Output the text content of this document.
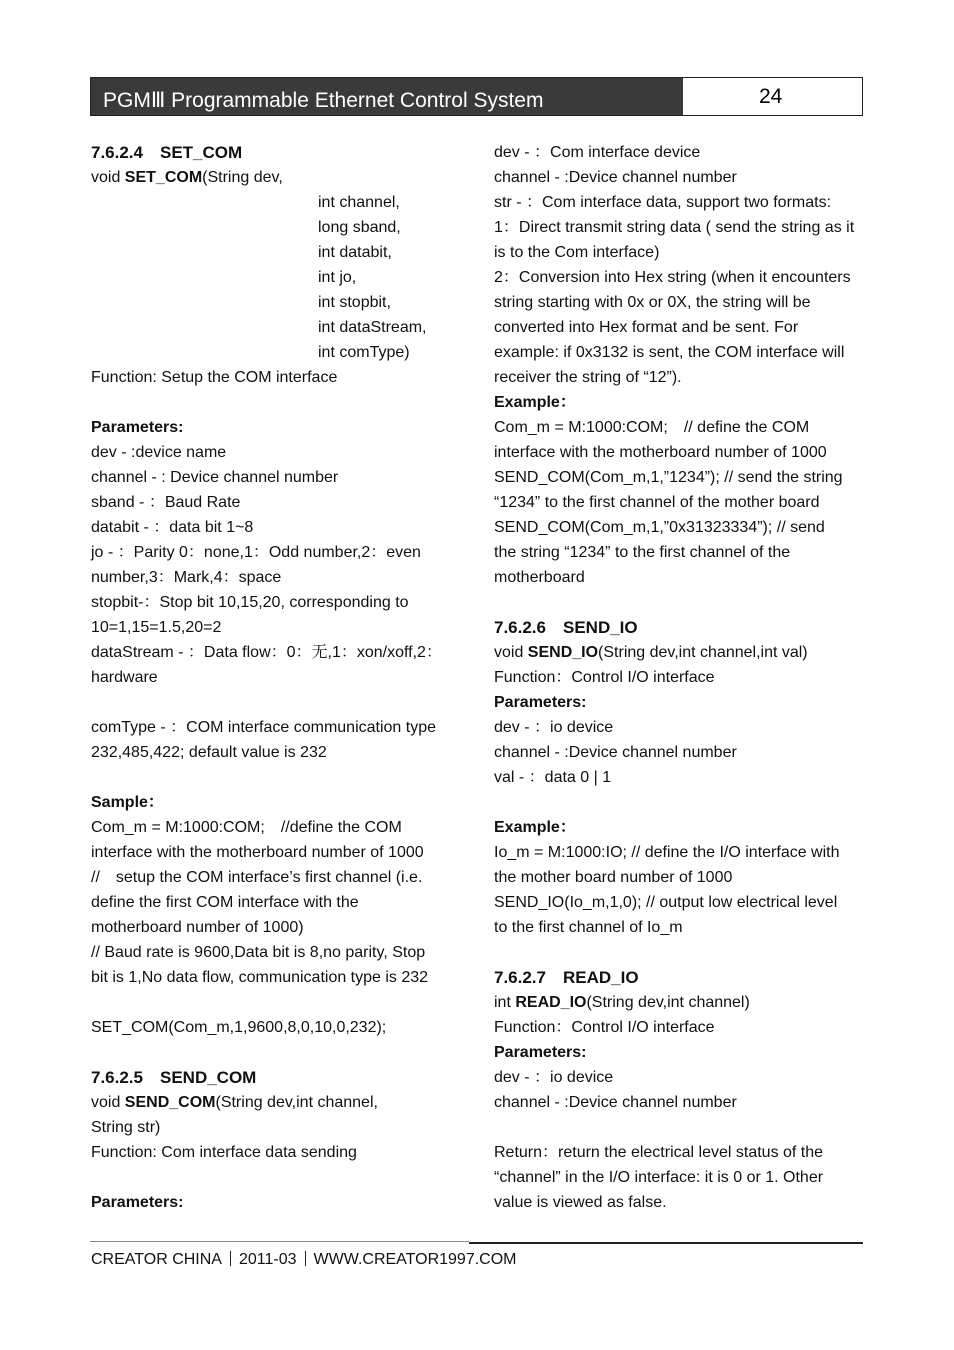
PGMⅢ Programmable Ethernet Control System	24

7.6.2.4　SET_COM

void SET_COM(String dev,

int channel,

long sband,

int databit,

int jo,

int stopbit,

int dataStream,

int comType)

Function: Setup the COM interface

Parameters:

dev - :device name

channel - : Device channel number

sband - ：Baud Rate

databit - ：data bit 1~8

jo - ：Parity 0：none,1：Odd number,2：even

number,3：Mark,4：space

stopbit-：Stop bit 10,15,20, corresponding to

10=1,15=1.5,20=2

dataStream - ：Data flow：0：无,1：xon/xoff,2：

hardware

comType - ：COM interface communication type

232,485,422; default value is 232

Sample：

Com_m = M:1000:COM;　//define the COM

interface with the motherboard number of 1000

//　setup the COM interface’s first channel (i.e.

define the first COM interface with the

motherboard number of 1000)

// Baud rate is 9600,Data bit is 8,no parity, Stop

bit is 1,No data flow, communication type is 232

SET_COM(Com_m,1,9600,8,0,10,0,232);

7.6.2.5　SEND_COM

void SEND_COM(String dev,int channel,

String str)

Function: Com interface data sending

Parameters:

dev - ：Com interface device

channel - :Device channel number

str - ：Com interface data, support two formats:

1：Direct transmit string data ( send the string as it

is to the Com interface)

2：Conversion into Hex string (when it encounters

string starting with 0x or 0X, the string will be

converted into Hex format and be sent. For

example: if 0x3132 is sent, the COM interface will

receiver the string of “12”).

Example：

Com_m = M:1000:COM;　// define the COM

interface with the motherboard number of 1000

SEND_COM(Com_m,1,”1234”); // send the string

“1234” to the first channel of the mother board

SEND_COM(Com_m,1,”0x31323334”); // send

the string “1234” to the first channel of the

motherboard

7.6.2.6　SEND_IO

void SEND_IO(String dev,int channel,int val)

Function：Control I/O interface

Parameters:

dev - ：io device

channel - :Device channel number

val - ：data 0 | 1

Example：

Io_m = M:1000:IO; // define the I/O interface with

the mother board number of 1000

SEND_IO(Io_m,1,0); // output low electrical level

to the first channel of Io_m

7.6.2.7　READ_IO

int READ_IO(String dev,int channel)

Function：Control I/O interface

Parameters:

dev - ：io device

channel - :Device channel number

Return：return the electrical level status of the

“channel” in the I/O interface: it is 0 or 1. Other

value is viewed as false.

CREATOR CHINA 2011-03 WWW.CREATOR1997.COM
